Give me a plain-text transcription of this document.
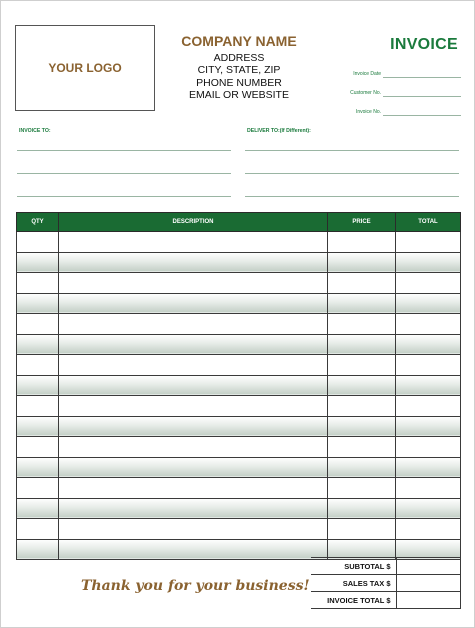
YOUR LOGO
COMPANY NAME
ADDRESS
CITY, STATE, ZIP
PHONE NUMBER
EMAIL OR WEBSITE
INVOICE
Invoice Date
Customer No.
Invoice No.
INVOICE TO:	DELIVER TO:(If Different):
QTY	DESCRIPTION	PRICE	TOTAL

SUBTOTAL $	
SALES TAX $	
INVOICE TOTAL $	
Thank you for your business!
